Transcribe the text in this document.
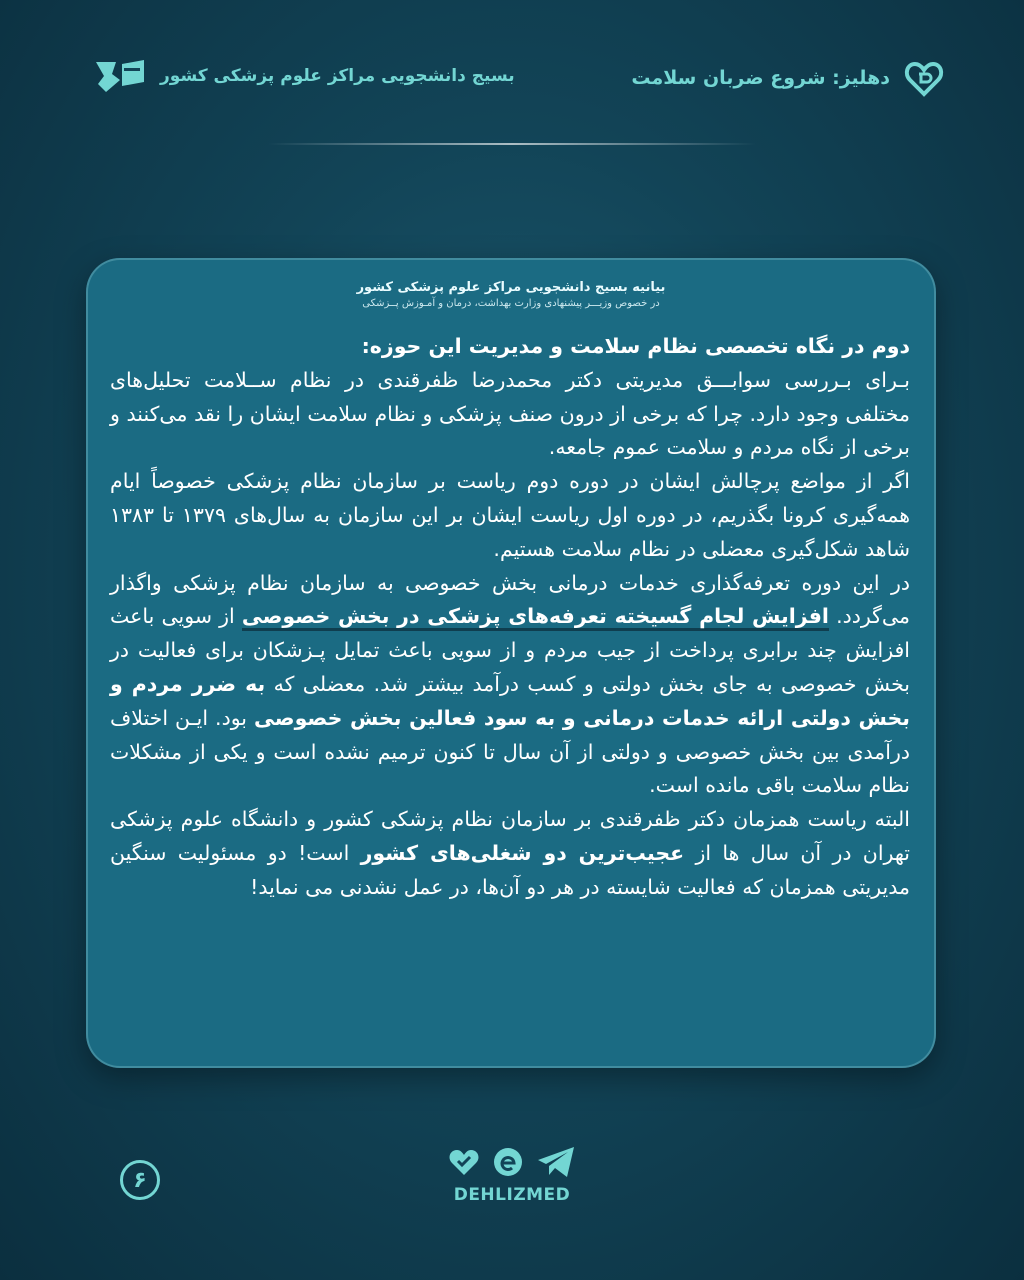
دهلیز: شروع ضربان سلامت
بسیج دانشجویی مراکز علوم پزشکی کشور
بیانیه بسیج دانشجویی مراکز علوم پزشکی کشور
در خصوص وزیـــر پیشنهادی وزارت بهداشت، درمان و آمـوزش پــزشکی

دوم در نگاه تخصصی نظام سلامت و مدیریت این حوزه:

بـرای بـررسی سوابـــق مدیریتی دکتر محمدرضا ظفرقندی در نظام ســلامت تحلیل‌های مختلفی وجود دارد. چرا که برخی از درون صنف پزشکی و نظام سلامت ایشان را نقد می‌کنند و برخی از نگاه مردم و سلامت عموم جامعه.

اگر از مواضع پرچالش ایشان در دوره دوم ریاست بر سازمان نظام پزشکی خصوصاً ایام همه‌گیری کرونا بگذریم، در دوره اول ریاست ایشان بر این سازمان به سال‌های ۱۳۷۹ تا ۱۳۸۳ شاهد شکل‌گیری معضلی در نظام سلامت هستیم.

در این دوره تعرفه‌گذاری خدمات درمانی بخش خصوصی به سازمان نظام پزشکی واگذار می‌گردد. افزایش لجام گسیخته تعرفه‌های پزشکی در بخش خصوصی از سویی باعث افزایش چند برابری پرداخت از جیب مردم و از سویی باعث تمایل پـزشکان برای فعالیت در بخش خصوصی به جای بخش دولتی و کسب درآمد بیشتر شد. معضلی که به ضرر مردم و بخش دولتی ارائه خدمات درمانی و به سود فعالین بخش خصوصی بود. ایـن اختلاف درآمدی بین بخش خصوصی و دولتی از آن سال تا کنون ترمیم نشده است و یکی از مشکلات نظام سلامت باقی مانده است.

البته ریاست همزمان دکتر ظفرقندی بر سازمان نظام پزشکی کشور و دانشگاه علوم پزشکی تهران در آن سال ها از عجیب‌ترین دو شغلی‌های کشور است! دو مسئولیت سنگین مدیریتی همزمان که فعالیت شایسته در هر دو آن‌ها، در عمل نشدنی می نماید!

۶
DEHLIZMED
